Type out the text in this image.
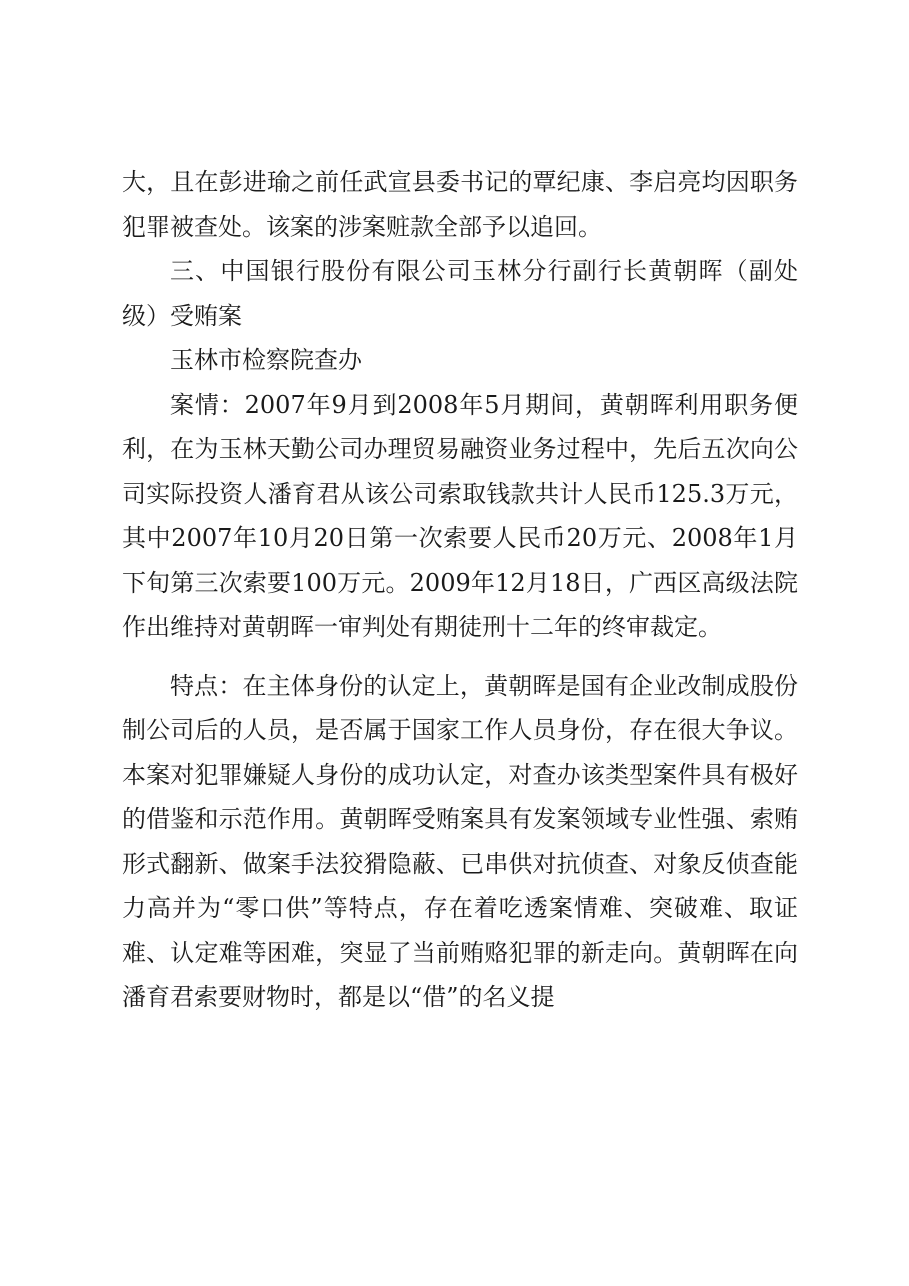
大，且在彭进瑜之前任武宣县委书记的覃纪康、李启亮均因职务犯罪被查处。该案的涉案赃款全部予以追回。

三、中国银行股份有限公司玉林分行副行长黄朝晖（副处级）受贿案

玉林市检察院查办

案情：2007年9月到2008年5月期间，黄朝晖利用职务便利，在为玉林天勤公司办理贸易融资业务过程中，先后五次向公司实际投资人潘育君从该公司索取钱款共计人民币125.3万元，其中2007年10月20日第一次索要人民币20万元、2008年1月下旬第三次索要100万元。2009年12月18日，广西区高级法院作出维持对黄朝晖一审判处有期徒刑十二年的终审裁定。

特点：在主体身份的认定上，黄朝晖是国有企业改制成股份制公司后的人员，是否属于国家工作人员身份，存在很大争议。本案对犯罪嫌疑人身份的成功认定，对查办该类型案件具有极好的借鉴和示范作用。黄朝晖受贿案具有发案领域专业性强、索贿形式翻新、做案手法狡猾隐蔽、已串供对抗侦查、对象反侦查能力高并为“零口供”等特点，存在着吃透案情难、突破难、取证难、认定难等困难，突显了当前贿赂犯罪的新走向。黄朝晖在向潘育君索要财物时，都是以“借”的名义提
